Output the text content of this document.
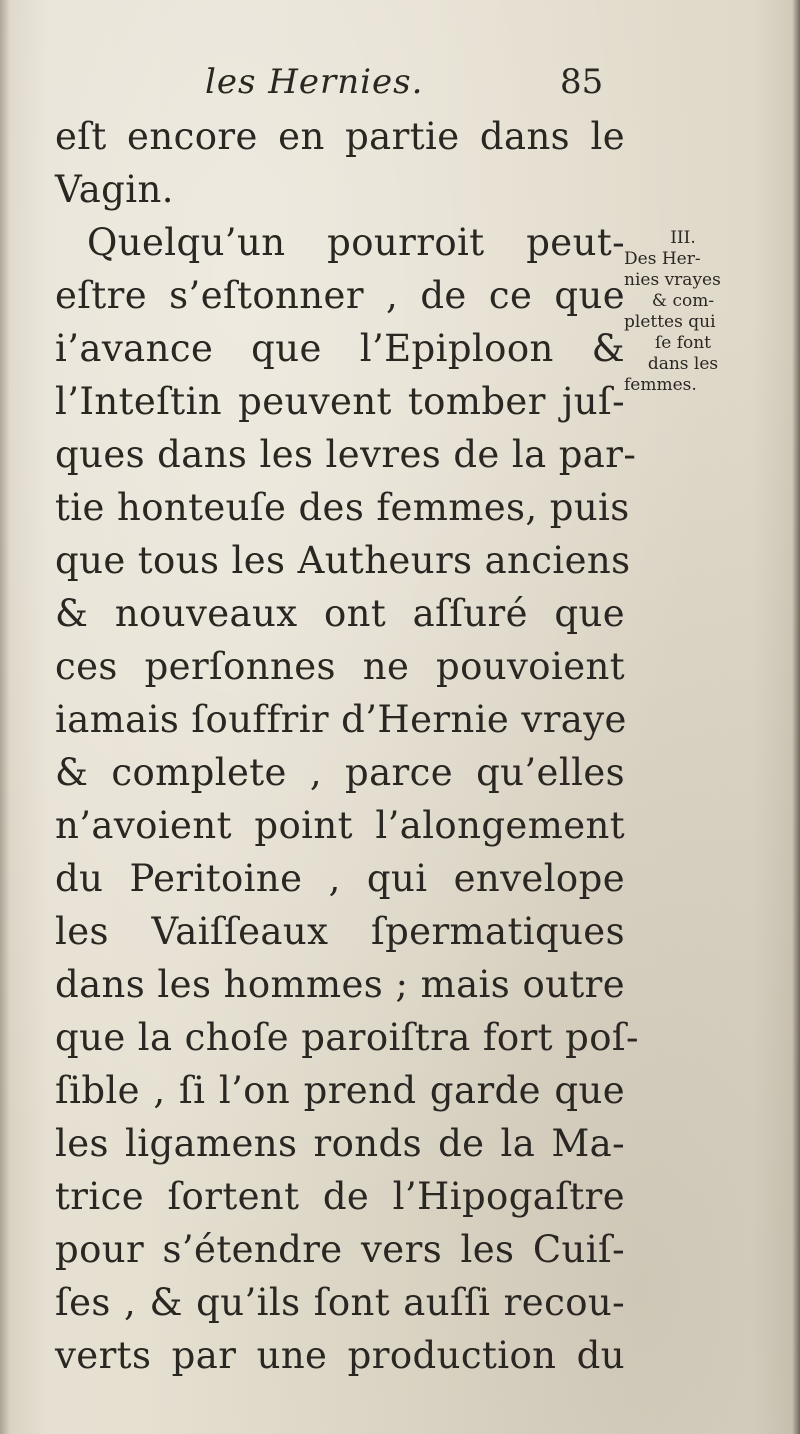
les Hernies.	85
eſt encore en partie dans le
Vagin.
Quelqu’un pourroit peut-
eſtre s’eſtonner , de ce que
i’avance que l’Epiploon &
l’Inteſtin peuvent tomber juſ-
ques dans les levres de la par-
tie honteuſe des femmes, puis
que tous les Autheurs anciens
& nouveaux ont aſſuré que
ces perſonnes ne pouvoient
iamais ſouffrir d’Hernie vraye
& complete , parce qu’elles
n’avoient point l’alongement
du Peritoine , qui envelope
les Vaiſſeaux ſpermatiques
dans les hommes ; mais outre
que la choſe paroiſtra fort poſ-
ſible , ſi l’on prend garde que
les ligamens ronds de la Ma-
trice ſortent de l’Hipogaſtre
pour s’étendre vers les Cuiſ-
ſes , & qu’ils ſont auſſi recou-
verts par une production du
III.
Des Her-
nies vrayes
& com-
plettes qui
ſe font
dans les
femmes.
